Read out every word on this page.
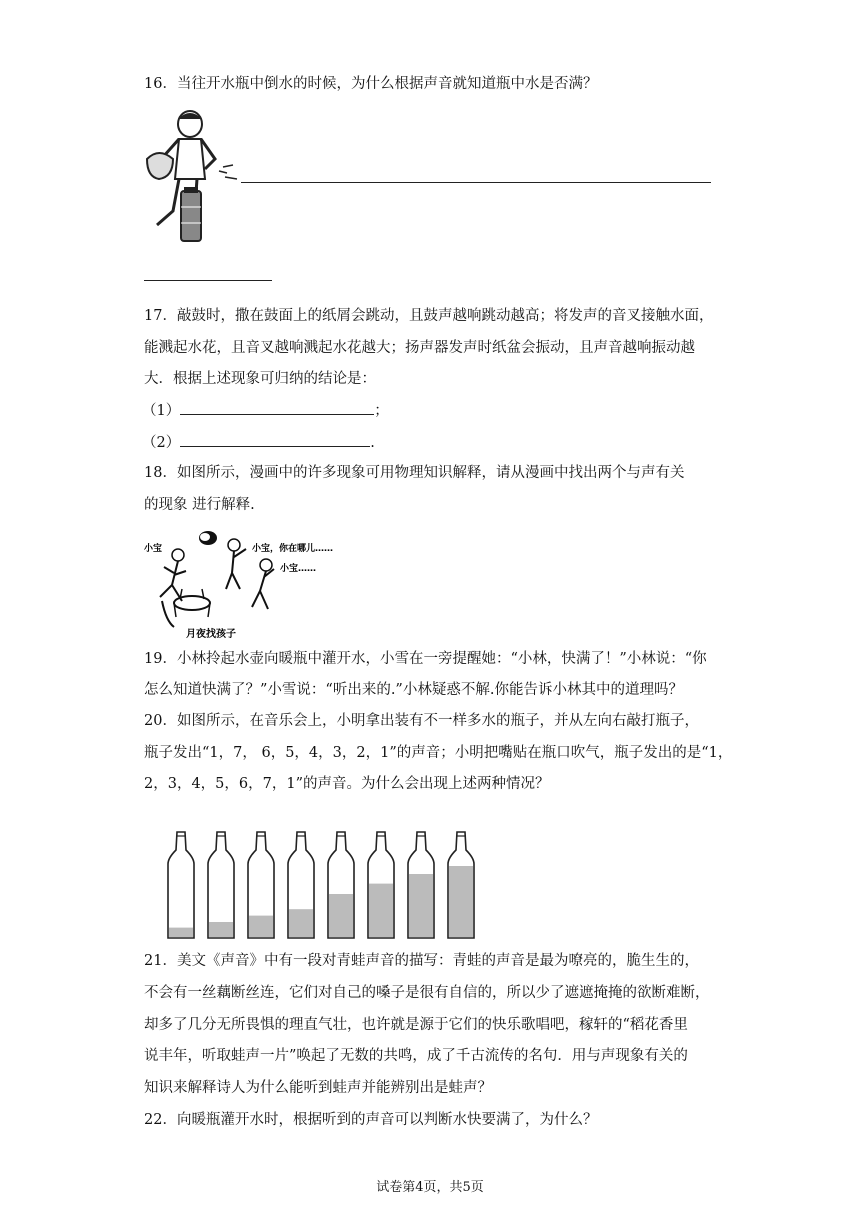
16．当往开水瓶中倒水的时候，为什么根据声音就知道瓶中水是否满？
17．敲鼓时，撒在鼓面上的纸屑会跳动，且鼓声越响跳动越高；将发声的音叉接触水面，
能溅起水花，且音叉越响溅起水花越大；扬声器发声时纸盆会振动，且声音越响振动越
大．根据上述现象可归纳的结论是：
（1）	；
（2）	.
18．如图所示，漫画中的许多现象可用物理知识解释，请从漫画中找出两个与声有关
的现象 进行解释.
小宝	小宝，你在哪儿……
小宝……
月夜找孩子
19．小林拎起水壶向暖瓶中灌开水，小雪在一旁提醒她：“小林，快满了！”小林说：“你
怎么知道快满了？”小雪说：“听出来的.”小林疑惑不解.你能告诉小林其中的道理吗？
20．如图所示，在音乐会上，小明拿出装有不一样多水的瓶子，并从左向右敲打瓶子，
瓶子发出“1，7， 6，5，4，3，2，1”的声音；小明把嘴贴在瓶口吹气，瓶子发出的是“1，
2，3，4，5，6，7，1”的声音。为什么会出现上述两种情况？
21．美文《声音》中有一段对青蛙声音的描写：青蛙的声音是最为嘹亮的，脆生生的，
不会有一丝藕断丝连，它们对自己的嗓子是很有自信的，所以少了遮遮掩掩的欲断难断，
却多了几分无所畏惧的理直气壮，也许就是源于它们的快乐歌唱吧，稼轩的“稻花香里
说丰年，听取蛙声一片”唤起了无数的共鸣，成了千古流传的名句．用与声现象有关的
知识来解释诗人为什么能听到蛙声并能辨别出是蛙声？
22．向暖瓶灌开水时，根据听到的声音可以判断水快要满了，为什么？
试卷第4页，共5页
